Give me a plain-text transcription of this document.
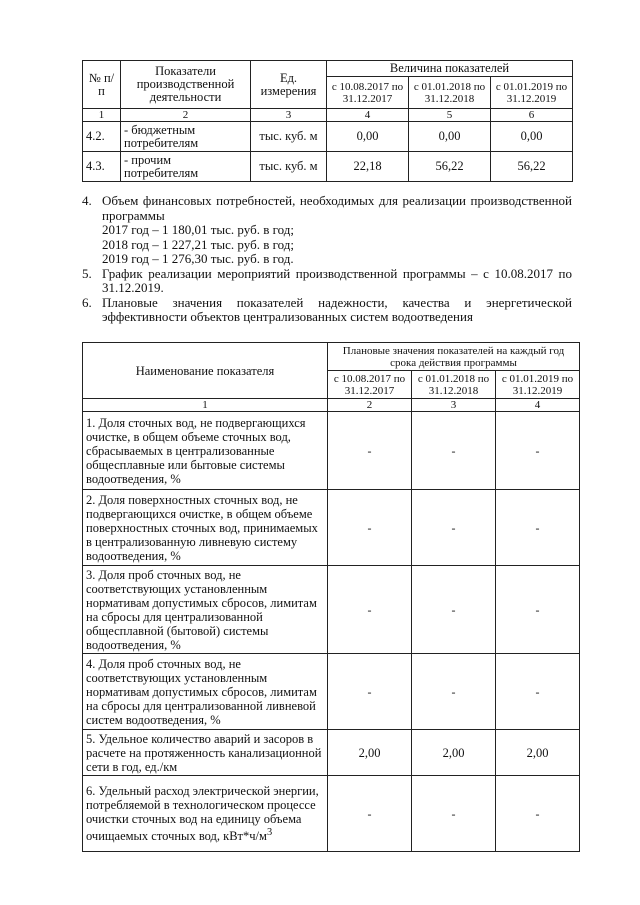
№ п/п	Показатели производственной деятельности	Ед. измерения	Величина показателей		
			с 10.08.2017 по 31.12.2017	с 01.01.2018 по 31.12.2018	с 01.01.2019 по 31.12.2019
1	2	3	4	5	6
4.2.	- бюджетным потребителям	тыс. куб. м	0,00	0,00	0,00
4.3.	- прочим потребителям	тыс. куб. м	22,18	56,22	56,22
4. Объем финансовых потребностей, необходимых для реализации производственной программы
2017 год – 1 180,01 тыс. руб. в год;
2018 год – 1 227,21 тыс. руб. в год;
2019 год – 1 276,30 тыс. руб. в год.
5. График реализации мероприятий производственной программы – с 10.08.2017 по 31.12.2019.
6. Плановые значения показателей надежности, качества и энергетической эффективности объектов централизованных систем водоотведения
Наименование показателя	Плановые значения показателей на каждый год срока действия программы		
	с 10.08.2017 по 31.12.2017	с 01.01.2018 по 31.12.2018	с 01.01.2019 по 31.12.2019
1	2	3	4
1. Доля сточных вод, не подвергающихся очистке, в общем объеме сточных вод, сбрасываемых в централизованные общесплавные или бытовые системы водоотведения, %	-	-	-
2. Доля поверхностных сточных вод, не подвергающихся очистке, в общем объеме поверхностных сточных вод, принимаемых в централизованную ливневую систему водоотведения, %	-	-	-
3. Доля проб сточных вод, не соответствующих установленным нормативам допустимых сбросов, лимитам на сбросы для централизованной общесплавной (бытовой) системы водоотведения, %	-	-	-
4. Доля проб сточных вод, не соответствующих установленным нормативам допустимых сбросов, лимитам на сбросы для централизованной ливневой систем водоотведения, %	-	-	-
5. Удельное количество аварий и засоров в расчете на протяженность канализационной сети в год, ед./км	2,00	2,00	2,00
6. Удельный расход электрической энергии, потребляемой в технологическом процессе очистки сточных вод на единицу объема очищаемых сточных вод, $кВт*ч/м^3$	-	-	-
